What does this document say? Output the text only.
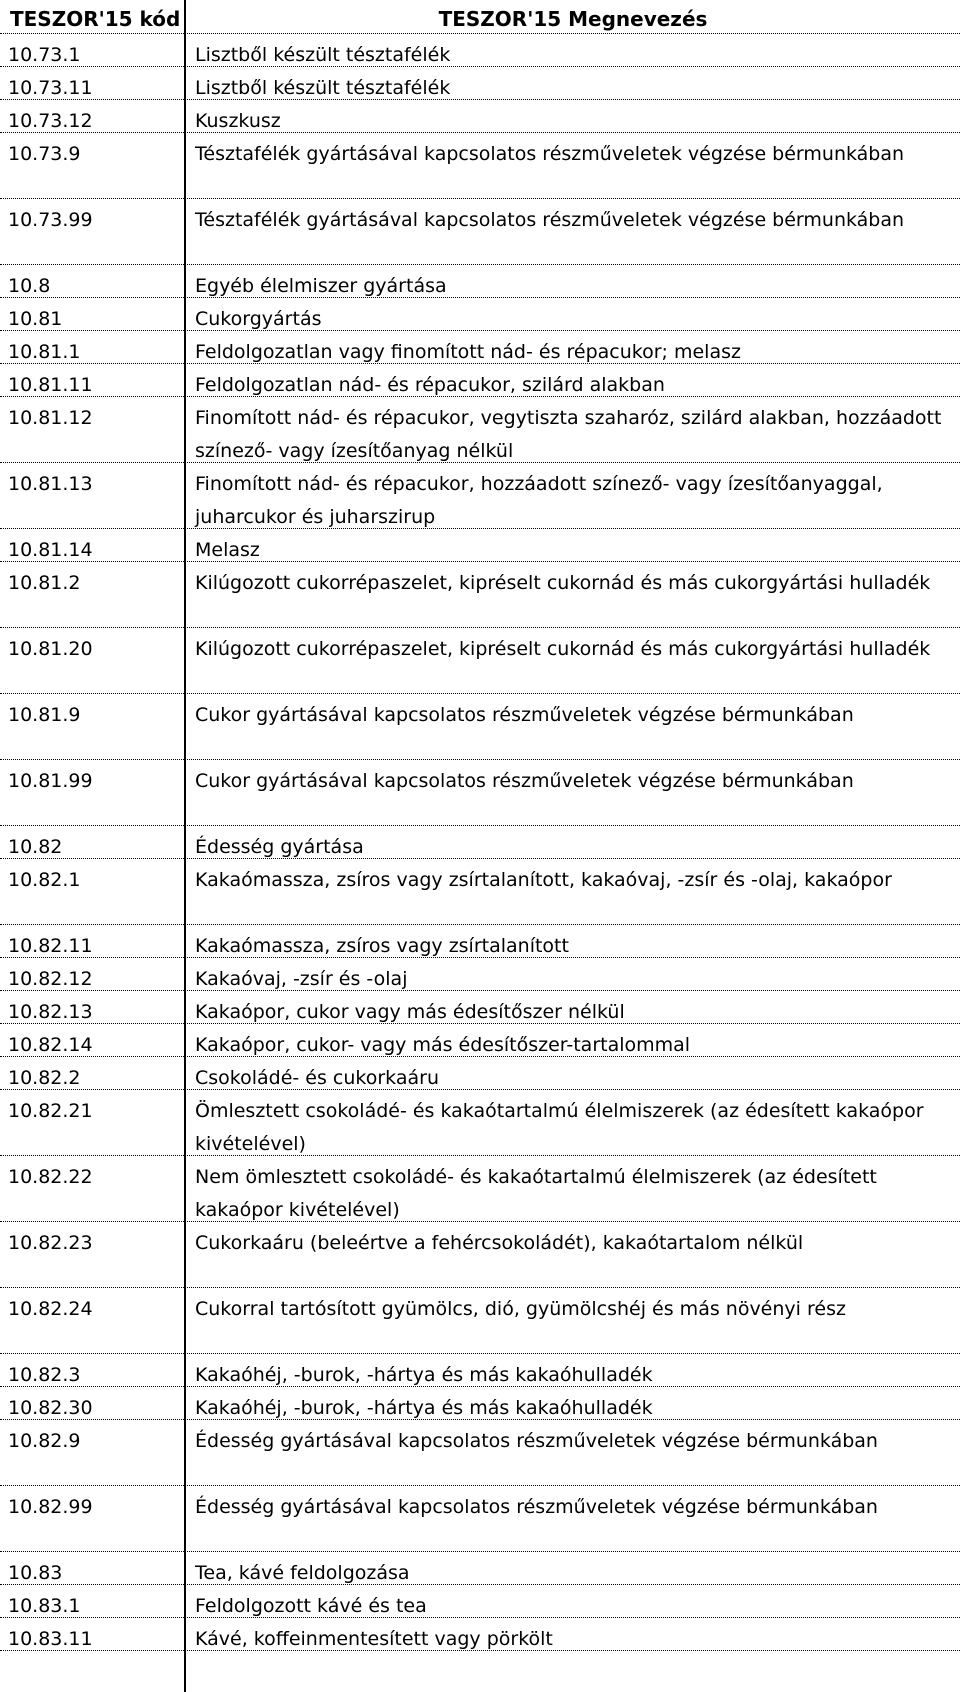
TESZOR'15 kód	TESZOR'15 Megnevezés
10.73.1	Lisztből készült tésztafélék
10.73.11	Lisztből készült tésztafélék
10.73.12	Kuszkusz
10.73.9	Tésztafélék gyártásával kapcsolatos részműveletek végzése bérmunkában
10.73.99	Tésztafélék gyártásával kapcsolatos részműveletek végzése bérmunkában
10.8	Egyéb élelmiszer gyártása
10.81	Cukorgyártás
10.81.1	Feldolgozatlan vagy finomított nád- és répacukor; melasz
10.81.11	Feldolgozatlan nád- és répacukor, szilárd alakban
10.81.12	Finomított nád- és répacukor, vegytiszta szaharóz, szilárd alakban, hozzáadott színező- vagy ízesítőanyag nélkül
10.81.13	Finomított nád- és répacukor, hozzáadott színező- vagy ízesítőanyaggal, juharcukor és juharszirup
10.81.14	Melasz
10.81.2	Kilúgozott cukorrépaszelet, kipréselt cukornád és más cukorgyártási hulladék
10.81.20	Kilúgozott cukorrépaszelet, kipréselt cukornád és más cukorgyártási hulladék
10.81.9	Cukor gyártásával kapcsolatos részműveletek végzése bérmunkában
10.81.99	Cukor gyártásával kapcsolatos részműveletek végzése bérmunkában
10.82	Édesség gyártása
10.82.1	Kakaómassza, zsíros vagy zsírtalanított, kakaóvaj, -zsír és -olaj, kakaópor
10.82.11	Kakaómassza, zsíros vagy zsírtalanított
10.82.12	Kakaóvaj, -zsír és -olaj
10.82.13	Kakaópor, cukor vagy más édesítőszer nélkül
10.82.14	Kakaópor, cukor- vagy más édesítőszer-tartalommal
10.82.2	Csokoládé- és cukorkaáru
10.82.21	Ömlesztett csokoládé- és kakaótartalmú élelmiszerek (az édesített kakaópor kivételével)
10.82.22	Nem ömlesztett csokoládé- és kakaótartalmú élelmiszerek (az édesített kakaópor kivételével)
10.82.23	Cukorkaáru (beleértve a fehércsokoládét), kakaótartalom nélkül
10.82.24	Cukorral tartósított gyümölcs, dió, gyümölcshéj és más növényi rész
10.82.3	Kakaóhéj, -burok, -hártya és más kakaóhulladék
10.82.30	Kakaóhéj, -burok, -hártya és más kakaóhulladék
10.82.9	Édesség gyártásával kapcsolatos részműveletek végzése bérmunkában
10.82.99	Édesség gyártásával kapcsolatos részműveletek végzése bérmunkában
10.83	Tea, kávé feldolgozása
10.83.1	Feldolgozott kávé és tea
10.83.11	Kávé, koffeinmentesített vagy pörkölt
